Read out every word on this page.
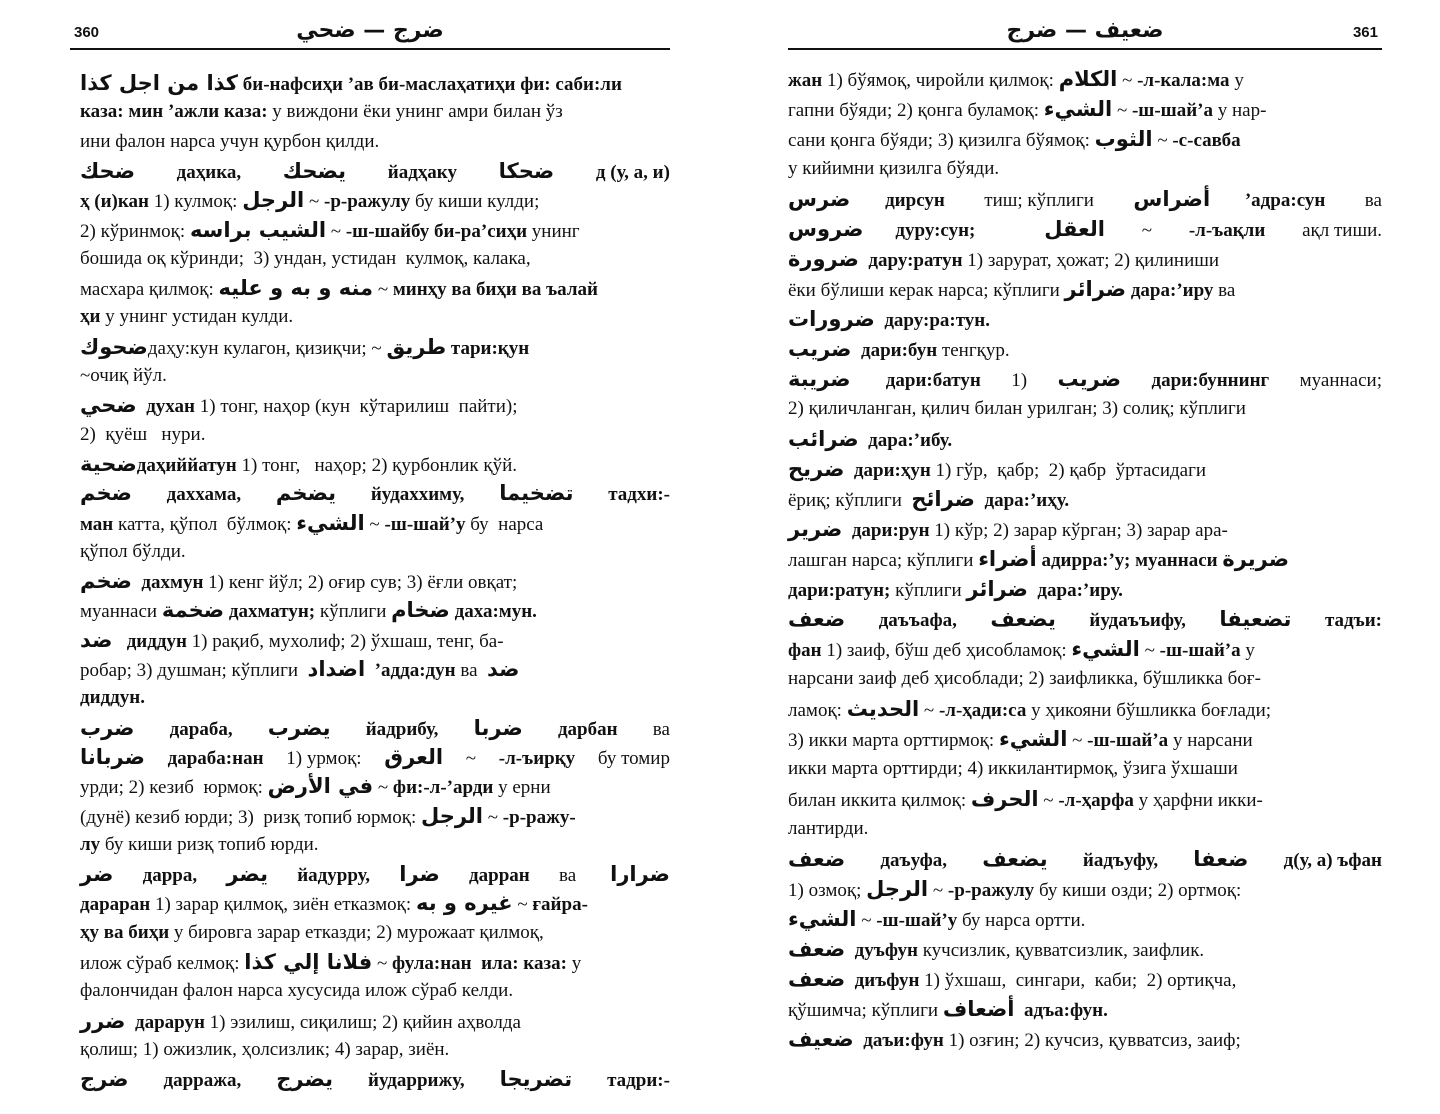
360	ضرج — ضحي
كذا من اجل كذا би-нафсиҳи ’ав би-маслаҳатиҳи фи: саби:ли
каза: мин ’ажли каза: у виждони ёки унинг амри билан ўз
ини фалон нарса учун қурбон қилди.
ضحك даҳика, يضحك йадҳаку ضحكا д (у, а, и)
ҳ (и)кан 1) кулмоқ: الرجل ~ -р-ражулу бу киши кулди;
2) кўринмоқ: الشيب براسه ~ -ш-шайбу би-ра’сиҳи унинг
бошида оқ кўринди;  3) ундан, устидан  кулмоқ, калака,
масхара қилмоқ: منه و به و عليه ~ минҳу ва биҳи ва ъалай
ҳи у унинг устидан кулди.
ضحوك даҳу:кун кулагон, қизиқчи; ~ طريق тари:қун
~очиқ йўл.
ضحي духан 1) тонг, наҳор (кун  кўтарилиш  пайти);
2)  қуёш   нури.
ضحية даҳиййатун 1) тонг,   наҳор; 2) қурбонлик қўй.
ضخم даххама, يضخم йудаххиму, تضخيما тадхи:-
ман катта, қўпол  бўлмоқ: الشيء ~ -ш-шай’у бу  нарса
қўпол бўлди.
ضخم дахмун 1) кенг йўл; 2) оғир сув; 3) ёғли овқат;
муаннаси ضخمة дахматун; кўплиги ضخام даха:мун.
ضد диддун 1) рақиб, мухолиф; 2) ўхшаш, тенг, ба-
робар; 3) душман; кўплиги اضداد ’адда:дун ва ضد
диддун.
ضرب дараба, يضرب йадрибу, ضربا дарбан ва
ضربانا дараба:нан 1) урмоқ: العرق ~ -л-ъирқу бу томир
урди; 2) кезиб  юрмоқ: في الأرض ~ фи:-л-’арди у ерни
(дунё) кезиб юрди; 3)  ризқ топиб юрмоқ: الرجل ~ -р-ражу-
лу бу киши ризқ топиб юрди.
ضر дарра, يضر йадурру, ضرا дарран ва ضرارا
дараран 1) зарар қилмоқ, зиён етказмоқ: غيره و به ~ ғайра-
ҳу ва биҳи у бировга зарар етказди; 2) мурожаат қилмоқ,
илож сўраб келмоқ: فلانا إلي كذا ~ фула:нан  ила: каза: у
фалончидан фалон нарса хусусида илож сўраб келди.
ضرر дарарун 1) эзилиш, сиқилиш; 2) қийин аҳволда
қолиш; 1) ожизлик, ҳолсизлик; 4) зарар, зиён.
ضرج дарража, يضرج йударрижу, تضريجا тадри:-
361
ضعيف — ضرج
жан 1) бўямоқ, чиройли қилмоқ: الكلام ~ -л-кала:ма у
гапни бўяди; 2) қонга буламоқ: الشيء ~ -ш-шай’а у нар-
сани қонга бўяди; 3) қизилга бўямоқ: الثوب ~ -с-савба
у кийимни қизилга бўяди.
ضرس дирсун тиш; кўплиги أضراس ’адра:сун ва
ضروس дуру:сун;
	العقل ~ -л-ъақли ақл тиши.
ضرورة дару:ратун 1) зарурат, ҳожат; 2) қилиниши
ёки бўлиши керак нарса; кўплиги ضرائر дара:’иру ва
ضرورات дару:ра:тун.
ضريب дари:бун тенгқур.
ضريبة дари:батун 1) ضريب дари:буннинг муаннаси;
2) қиличланган, қилич билан урилган; 3) солиқ; кўплиги
ضرائب дара:’ибу.
ضريح дари:ҳун 1) гўр,  қабр;  2) қабр  ўртасидаги
ёриқ; кўплиги ضرائح дара:’иҳу.
ضرير дари:рун 1) кўр; 2) зарар кўрган; 3) зарар ара-
лашган нарса; кўплиги أضراء адирра:’у; муаннаси
ضريرة
дари:ратун; кўплиги ضرائر дара:’иру.
ضعف даъъафа, يضعف йудаъъифу, تضعيفا тадъи:
фан 1) заиф, бўш деб ҳисобламоқ: الشيء ~ -ш-шай’а у
нарсани заиф деб ҳисоблади; 2) заифликка, бўшликка боғ-
ламоқ: الحديث ~ -л-ҳади:са у ҳикояни бўшликка боғлади;
3) икки марта орттирмоқ: الشيء ~ -ш-шай’а у нарсани
икки марта орттирди; 4) иккилантирмоқ, ўзига ўхшаши
билан иккита қилмоқ: الحرف ~ -л-ҳарфа у ҳарфни икки-
лантирди.
ضعف даъуфа, يضعف йадъуфу, ضعفا д(у, а) ъфан
1) озмоқ; الرجل ~ -р-ражулу бу киши озди; 2) ортмоқ:
الشيء ~ -ш-шай’у бу нарса ортти.
ضعف дуъфун кучсизлик, қувватсизлик, заифлик.
ضعف диъфун 1) ўхшаш,  сингари,  каби;  2) ортиқча,
қўшимча; кўплиги أضعاف адъа:фун.
ضعيف даъи:фун 1) озғин; 2) кучсиз, қувватсиз, заиф;
